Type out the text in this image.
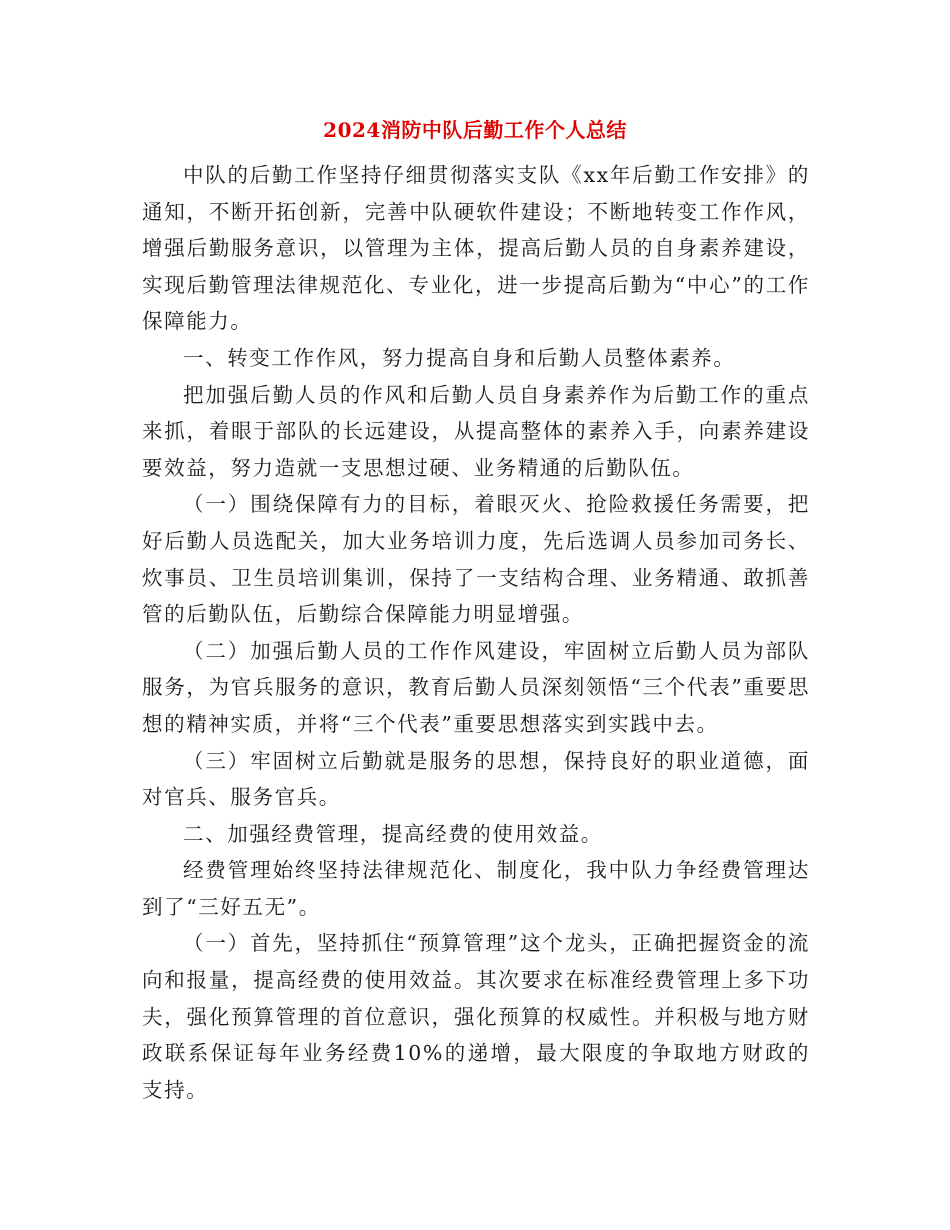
2024消防中队后勤工作个人总结

中队的后勤工作坚持仔细贯彻落实支队《xx年后勤工作安排》的通知，不断开拓创新，完善中队硬软件建设；不断地转变工作作风，增强后勤服务意识，以管理为主体，提高后勤人员的自身素养建设，实现后勤管理法律规范化、专业化，进一步提高后勤为“中心”的工作保障能力。

一、转变工作作风，努力提高自身和后勤人员整体素养。

把加强后勤人员的作风和后勤人员自身素养作为后勤工作的重点来抓，着眼于部队的长远建设，从提高整体的素养入手，向素养建设要效益，努力造就一支思想过硬、业务精通的后勤队伍。

（一）围绕保障有力的目标，着眼灭火、抢险救援任务需要，把好后勤人员选配关，加大业务培训力度，先后选调人员参加司务长、炊事员、卫生员培训集训，保持了一支结构合理、业务精通、敢抓善管的后勤队伍，后勤综合保障能力明显增强。

（二）加强后勤人员的工作作风建设，牢固树立后勤人员为部队服务，为官兵服务的意识，教育后勤人员深刻领悟“三个代表”重要思想的精神实质，并将“三个代表”重要思想落实到实践中去。

（三）牢固树立后勤就是服务的思想，保持良好的职业道德，面对官兵、服务官兵。

二、加强经费管理，提高经费的使用效益。

经费管理始终坚持法律规范化、制度化，我中队力争经费管理达到了“三好五无”。

（一）首先，坚持抓住“预算管理”这个龙头，正确把握资金的流向和报量，提高经费的使用效益。其次要求在标准经费管理上多下功夫，强化预算管理的首位意识，强化预算的权威性。并积极与地方财政联系保证每年业务经费10%的递增，最大限度的争取地方财政的支持。
